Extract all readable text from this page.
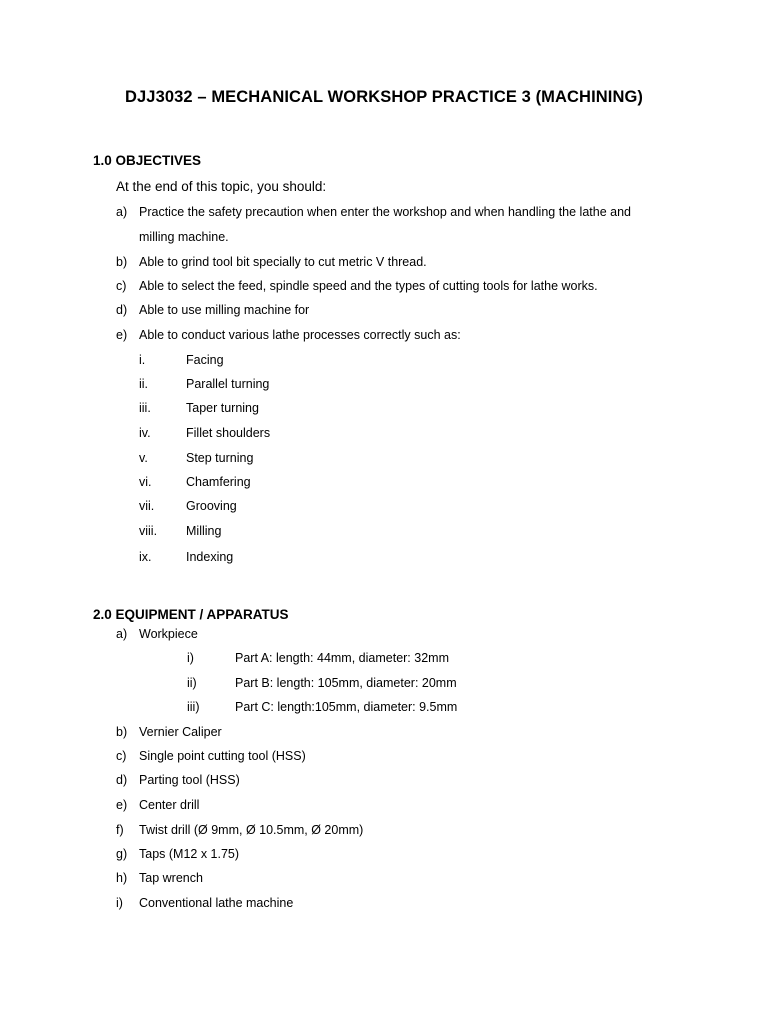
DJJ3032 – MECHANICAL WORKSHOP PRACTICE 3 (MACHINING)
1.0 OBJECTIVES
At the end of this topic, you should:
a) Practice the safety precaution when enter the workshop and when handling the lathe and
milling machine.
b) Able to grind tool bit specially to cut metric V thread.
c) Able to select the feed, spindle speed and the types of cutting tools for lathe works.
d) Able to use milling machine for
e) Able to conduct various lathe processes correctly such as:
i.	Facing
ii.	Parallel turning
iii.	Taper turning
iv.	Fillet shoulders
v.	Step turning
vi.	Chamfering
vii.	Grooving
viii. Milling
ix.	Indexing
2.0 EQUIPMENT / APPARATUS
a) Workpiece
i)	Part A: length: 44mm, diameter: 32mm
ii)	Part B: length: 105mm, diameter: 20mm
iii)	Part C: length:105mm, diameter: 9.5mm
b) Vernier Caliper
c) Single point cutting tool (HSS)
d) Parting tool (HSS)
e) Center drill
f) Twist drill (Ø 9mm, Ø 10.5mm, Ø 20mm)
g) Taps (M12 x 1.75)
h) Tap wrench
i) Conventional lathe machine
